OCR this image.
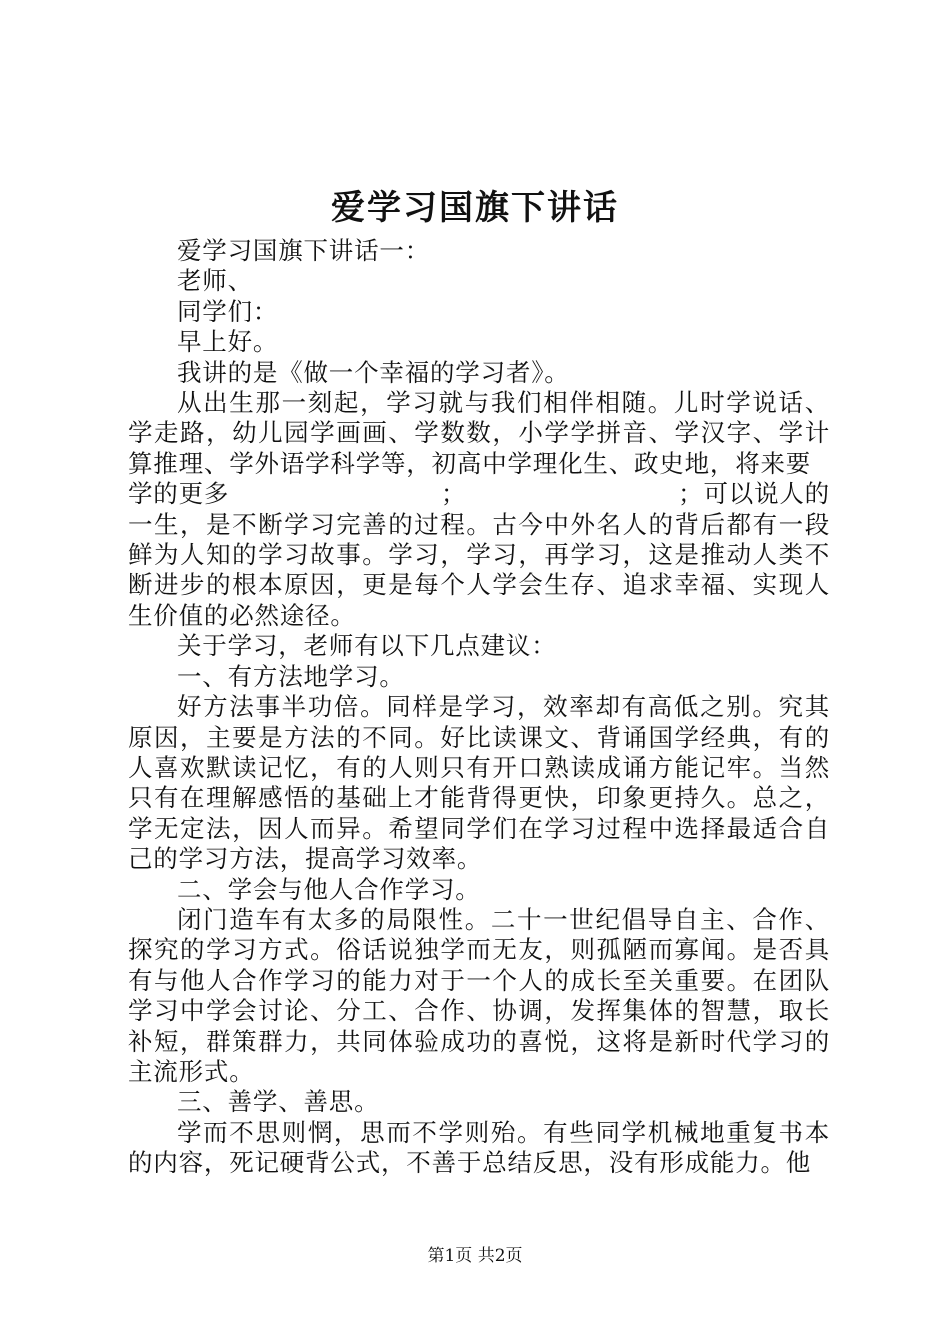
爱学习国旗下讲话

爱学习国旗下讲话一：

老师、

同学们：

早上好。

我讲的是《做一个幸福的学习者》。

从出生那一刻起，学习就与我们相伴相随。儿时学说话、学走路，幼儿园学画画、学数数，小学学拼音、学汉字、学计算推理、学外语学科学等，初高中学理化生、政史地，将来要

学的更多	；	；可以说人的

一生，是不断学习完善的过程。古今中外名人的背后都有一段鲜为人知的学习故事。学习，学习，再学习，这是推动人类不断进步的根本原因，更是每个人学会生存、追求幸福、实现人生价值的必然途径。

关于学习，老师有以下几点建议：

一、有方法地学习。

好方法事半功倍。同样是学习，效率却有高低之别。究其原因，主要是方法的不同。好比读课文、背诵国学经典，有的人喜欢默读记忆，有的人则只有开口熟读成诵方能记牢。当然只有在理解感悟的基础上才能背得更快，印象更持久。总之，学无定法，因人而异。希望同学们在学习过程中选择最适合自己的学习方法，提高学习效率。

二、学会与他人合作学习。

闭门造车有太多的局限性。二十一世纪倡导自主、合作、探究的学习方式。俗话说独学而无友，则孤陋而寡闻。是否具有与他人合作学习的能力对于一个人的成长至关重要。在团队学习中学会讨论、分工、合作、协调，发挥集体的智慧，取长补短，群策群力，共同体验成功的喜悦，这将是新时代学习的主流形式。

三、善学、善思。

学而不思则惘，思而不学则殆。有些同学机械地重复书本的内容，死记硬背公式，不善于总结反思，没有形成能力。他

第1页 共2页
